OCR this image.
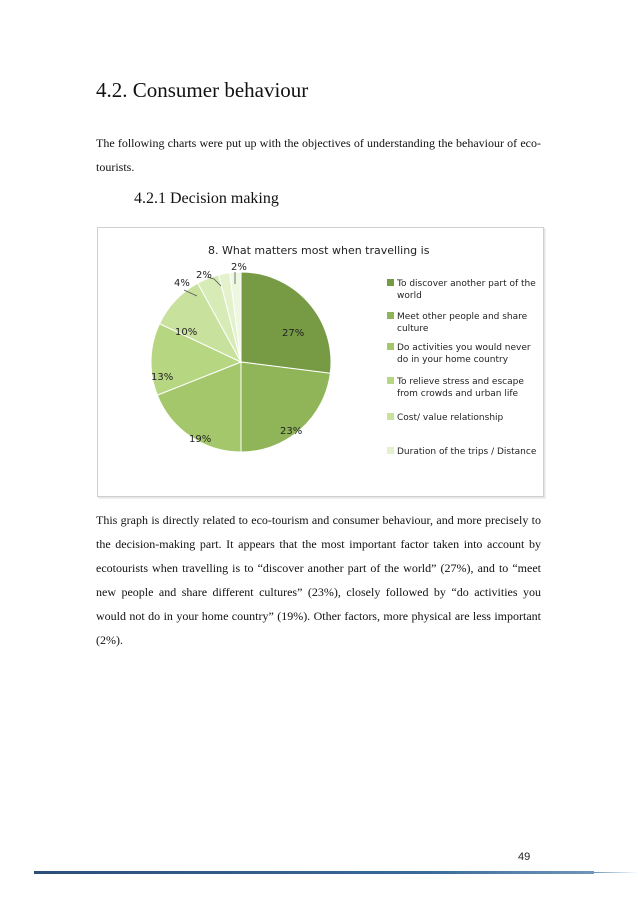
4.2. Consumer behaviour

The following charts were put up with the objectives of understanding the behaviour of eco-tourists.

4.2.1 Decision making
8. What matters most when travelling is
27%
23%
19%
13%
10%
4%
2%
2%
To discover another part of the
world
Meet other people and share
culture
Do activities you would never
do in your home country
To relieve stress and escape
from crowds and urban life
Cost/ value relationship
Duration of the trips / Distance

This graph is directly related to eco-tourism and consumer behaviour, and more precisely to the decision-making part. It appears that the most important factor taken into account by ecotourists when travelling is to “discover another part of the world” (27%), and to “meet new people and share different cultures” (23%), closely followed by “do activities you would not do in your home country” (19%). Other factors, more physical are less important (2%).

49
